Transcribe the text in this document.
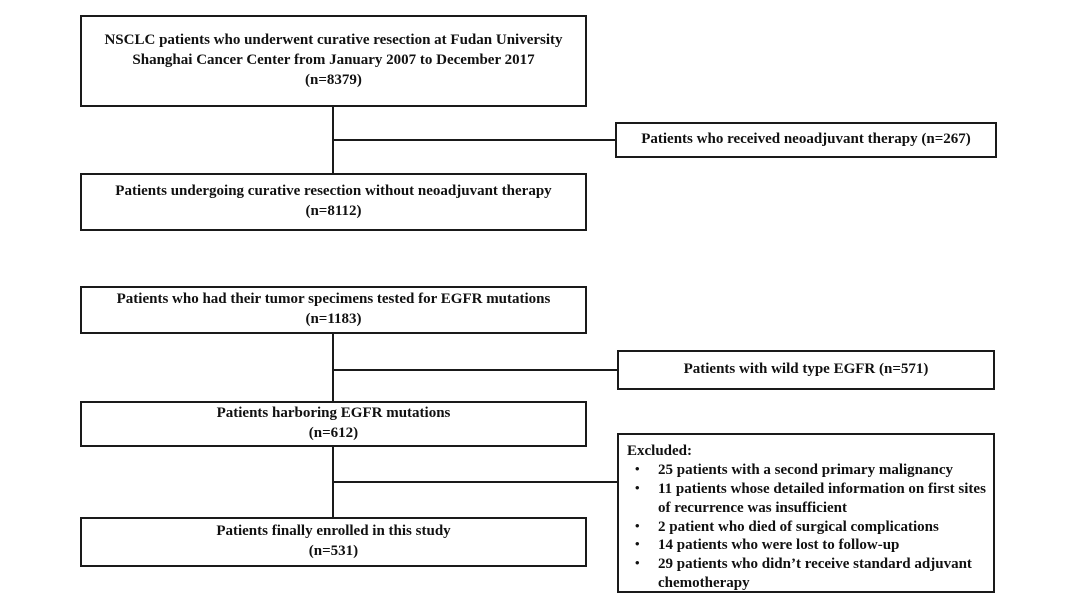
NSCLC patients who underwent curative resection at Fudan University Shanghai Cancer Center from January 2007 to December 2017
(n=8379)
Patients undergoing curative resection without neoadjuvant therapy
(n=8112)
Patients who had their tumor specimens tested for EGFR mutations
(n=1183)
Patients harboring EGFR mutations
(n=612)
Patients finally enrolled in this study
(n=531)
Patients who received neoadjuvant therapy (n=267)
Patients with wild type EGFR (n=571)
Excluded:
• 25 patients with a second primary malignancy
• 11 patients whose detailed information on first sites of recurrence was insufficient
• 2 patient who died of surgical complications
• 14 patients who were lost to follow-up
• 29 patients who didn’t receive standard adjuvant chemotherapy
